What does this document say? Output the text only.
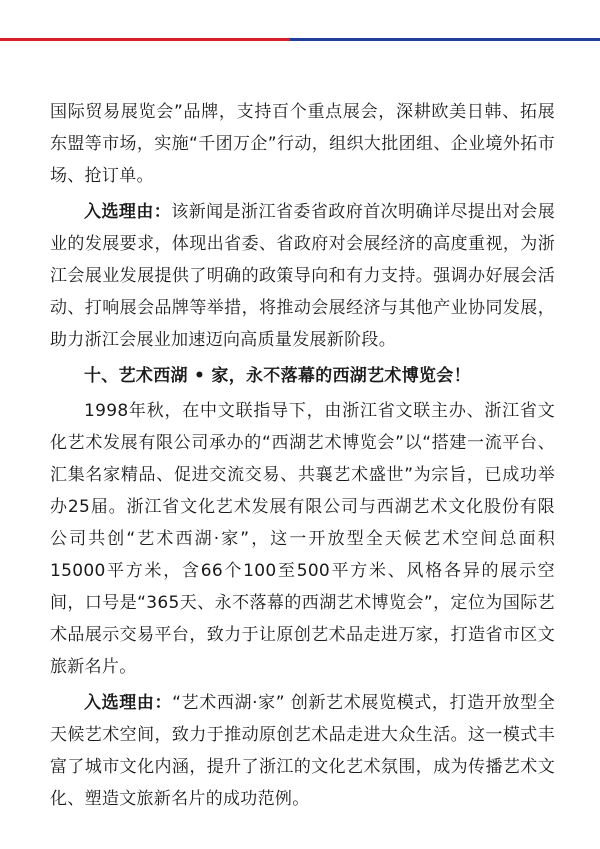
国际贸易展览会”品牌，支持百个重点展会，深耕欧美日韩、拓展东盟等市场，实施“千团万企”行动，组织大批团组、企业境外拓市场、抢订单。

入选理由：该新闻是浙江省委省政府首次明确详尽提出对会展业的发展要求，体现出省委、省政府对会展经济的高度重视，为浙江会展业发展提供了明确的政策导向和有力支持。强调办好展会活动、打响展会品牌等举措，将推动会展经济与其他产业协同发展，助力浙江会展业加速迈向高质量发展新阶段。

十、艺术西湖 • 家，永不落幕的西湖艺术博览会！

1998年秋，在中文联指导下，由浙江省文联主办、浙江省文化艺术发展有限公司承办的“西湖艺术博览会”以“搭建一流平台、汇集名家精品、促进交流交易、共襄艺术盛世”为宗旨，已成功举办25届。浙江省文化艺术发展有限公司与西湖艺术文化股份有限公司共创“艺术西湖·家”，这一开放型全天候艺术空间总面积15000平方米，含66个100至500平方米、风格各异的展示空间，口号是“365天、永不落幕的西湖艺术博览会”，定位为国际艺术品展示交易平台，致力于让原创艺术品走进万家，打造省市区文旅新名片。

入选理由：“艺术西湖·家” 创新艺术展览模式，打造开放型全天候艺术空间，致力于推动原创艺术品走进大众生活。这一模式丰富了城市文化内涵，提升了浙江的文化艺术氛围，成为传播艺术文化、塑造文旅新名片的成功范例。
